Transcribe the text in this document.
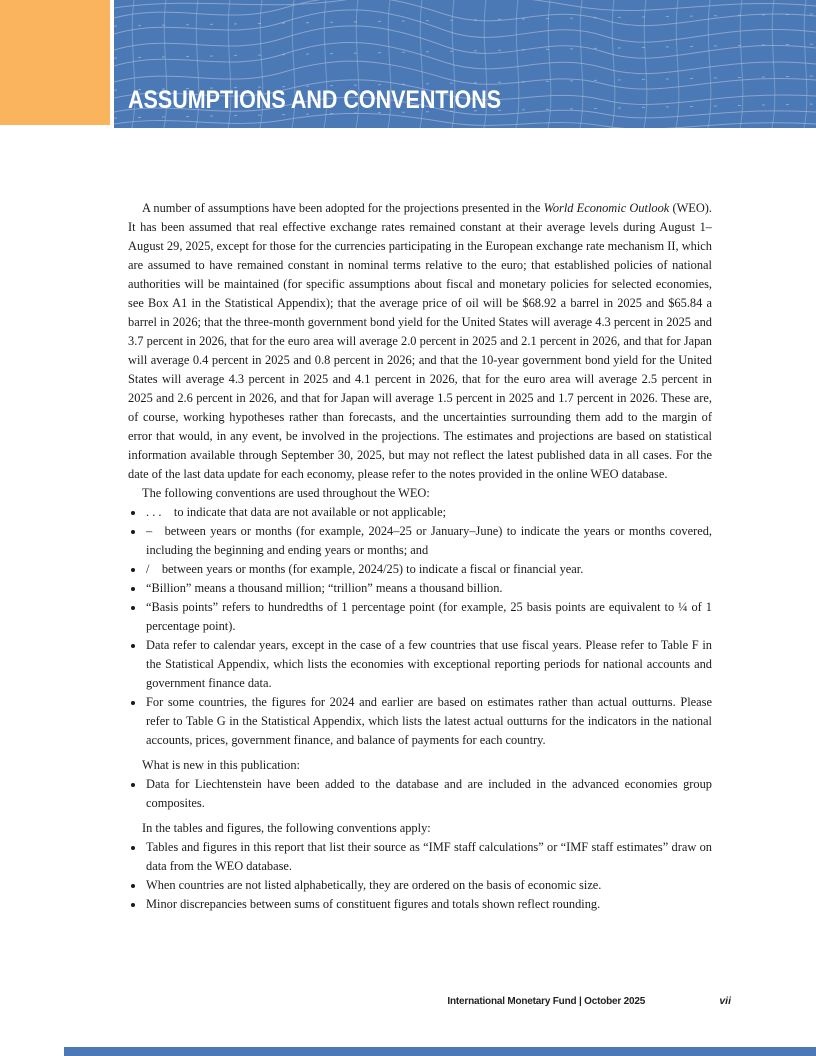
ASSUMPTIONS AND CONVENTIONS

A number of assumptions have been adopted for the projections presented in the World Economic Outlook (WEO). It has been assumed that real effective exchange rates remained constant at their average levels during August 1–August 29, 2025, except for those for the currencies participating in the European exchange rate mechanism II, which are assumed to have remained constant in nominal terms relative to the euro; that established policies of national authorities will be maintained (for specific assumptions about fiscal and monetary policies for selected economies, see Box A1 in the Statistical Appendix); that the average price of oil will be $68.92 a barrel in 2025 and $65.84 a barrel in 2026; that the three-month government bond yield for the United States will average 4.3 percent in 2025 and 3.7 percent in 2026, that for the euro area will average 2.0 percent in 2025 and 2.1 percent in 2026, and that for Japan will average 0.4 percent in 2025 and 0.8 percent in 2026; and that the 10-year government bond yield for the United States will average 4.3 percent in 2025 and 4.1 percent in 2026, that for the euro area will average 2.5 percent in 2025 and 2.6 percent in 2026, and that for Japan will average 1.5 percent in 2025 and 1.7 percent in 2026. These are, of course, working hypotheses rather than forecasts, and the uncertainties surrounding them add to the margin of error that would, in any event, be involved in the projections. The estimates and projections are based on statistical information available through September 30, 2025, but may not reflect the latest published data in all cases. For the date of the last data update for each economy, please refer to the notes provided in the online WEO database.

The following conventions are used throughout the WEO:

• . . .  to indicate that data are not available or not applicable;
• –  between years or months (for example, 2024–25 or January–June) to indicate the years or months covered, including the beginning and ending years or months; and
• /  between years or months (for example, 2024/25) to indicate a fiscal or financial year.
• “Billion” means a thousand million; “trillion” means a thousand billion.
• “Basis points” refers to hundredths of 1 percentage point (for example, 25 basis points are equivalent to ¼ of 1 percentage point).
• Data refer to calendar years, except in the case of a few countries that use fiscal years. Please refer to Table F in the Statistical Appendix, which lists the economies with exceptional reporting periods for national accounts and government finance data.
• For some countries, the figures for 2024 and earlier are based on estimates rather than actual outturns. Please refer to Table G in the Statistical Appendix, which lists the latest actual outturns for the indicators in the national accounts, prices, government finance, and balance of payments for each country.

What is new in this publication:

• Data for Liechtenstein have been added to the database and are included in the advanced economies group composites.

In the tables and figures, the following conventions apply:

• Tables and figures in this report that list their source as “IMF staff calculations” or “IMF staff estimates” draw on data from the WEO database.
• When countries are not listed alphabetically, they are ordered on the basis of economic size.
• Minor discrepancies between sums of constituent figures and totals shown reflect rounding.
International Monetary Fund | October 2025	vii
